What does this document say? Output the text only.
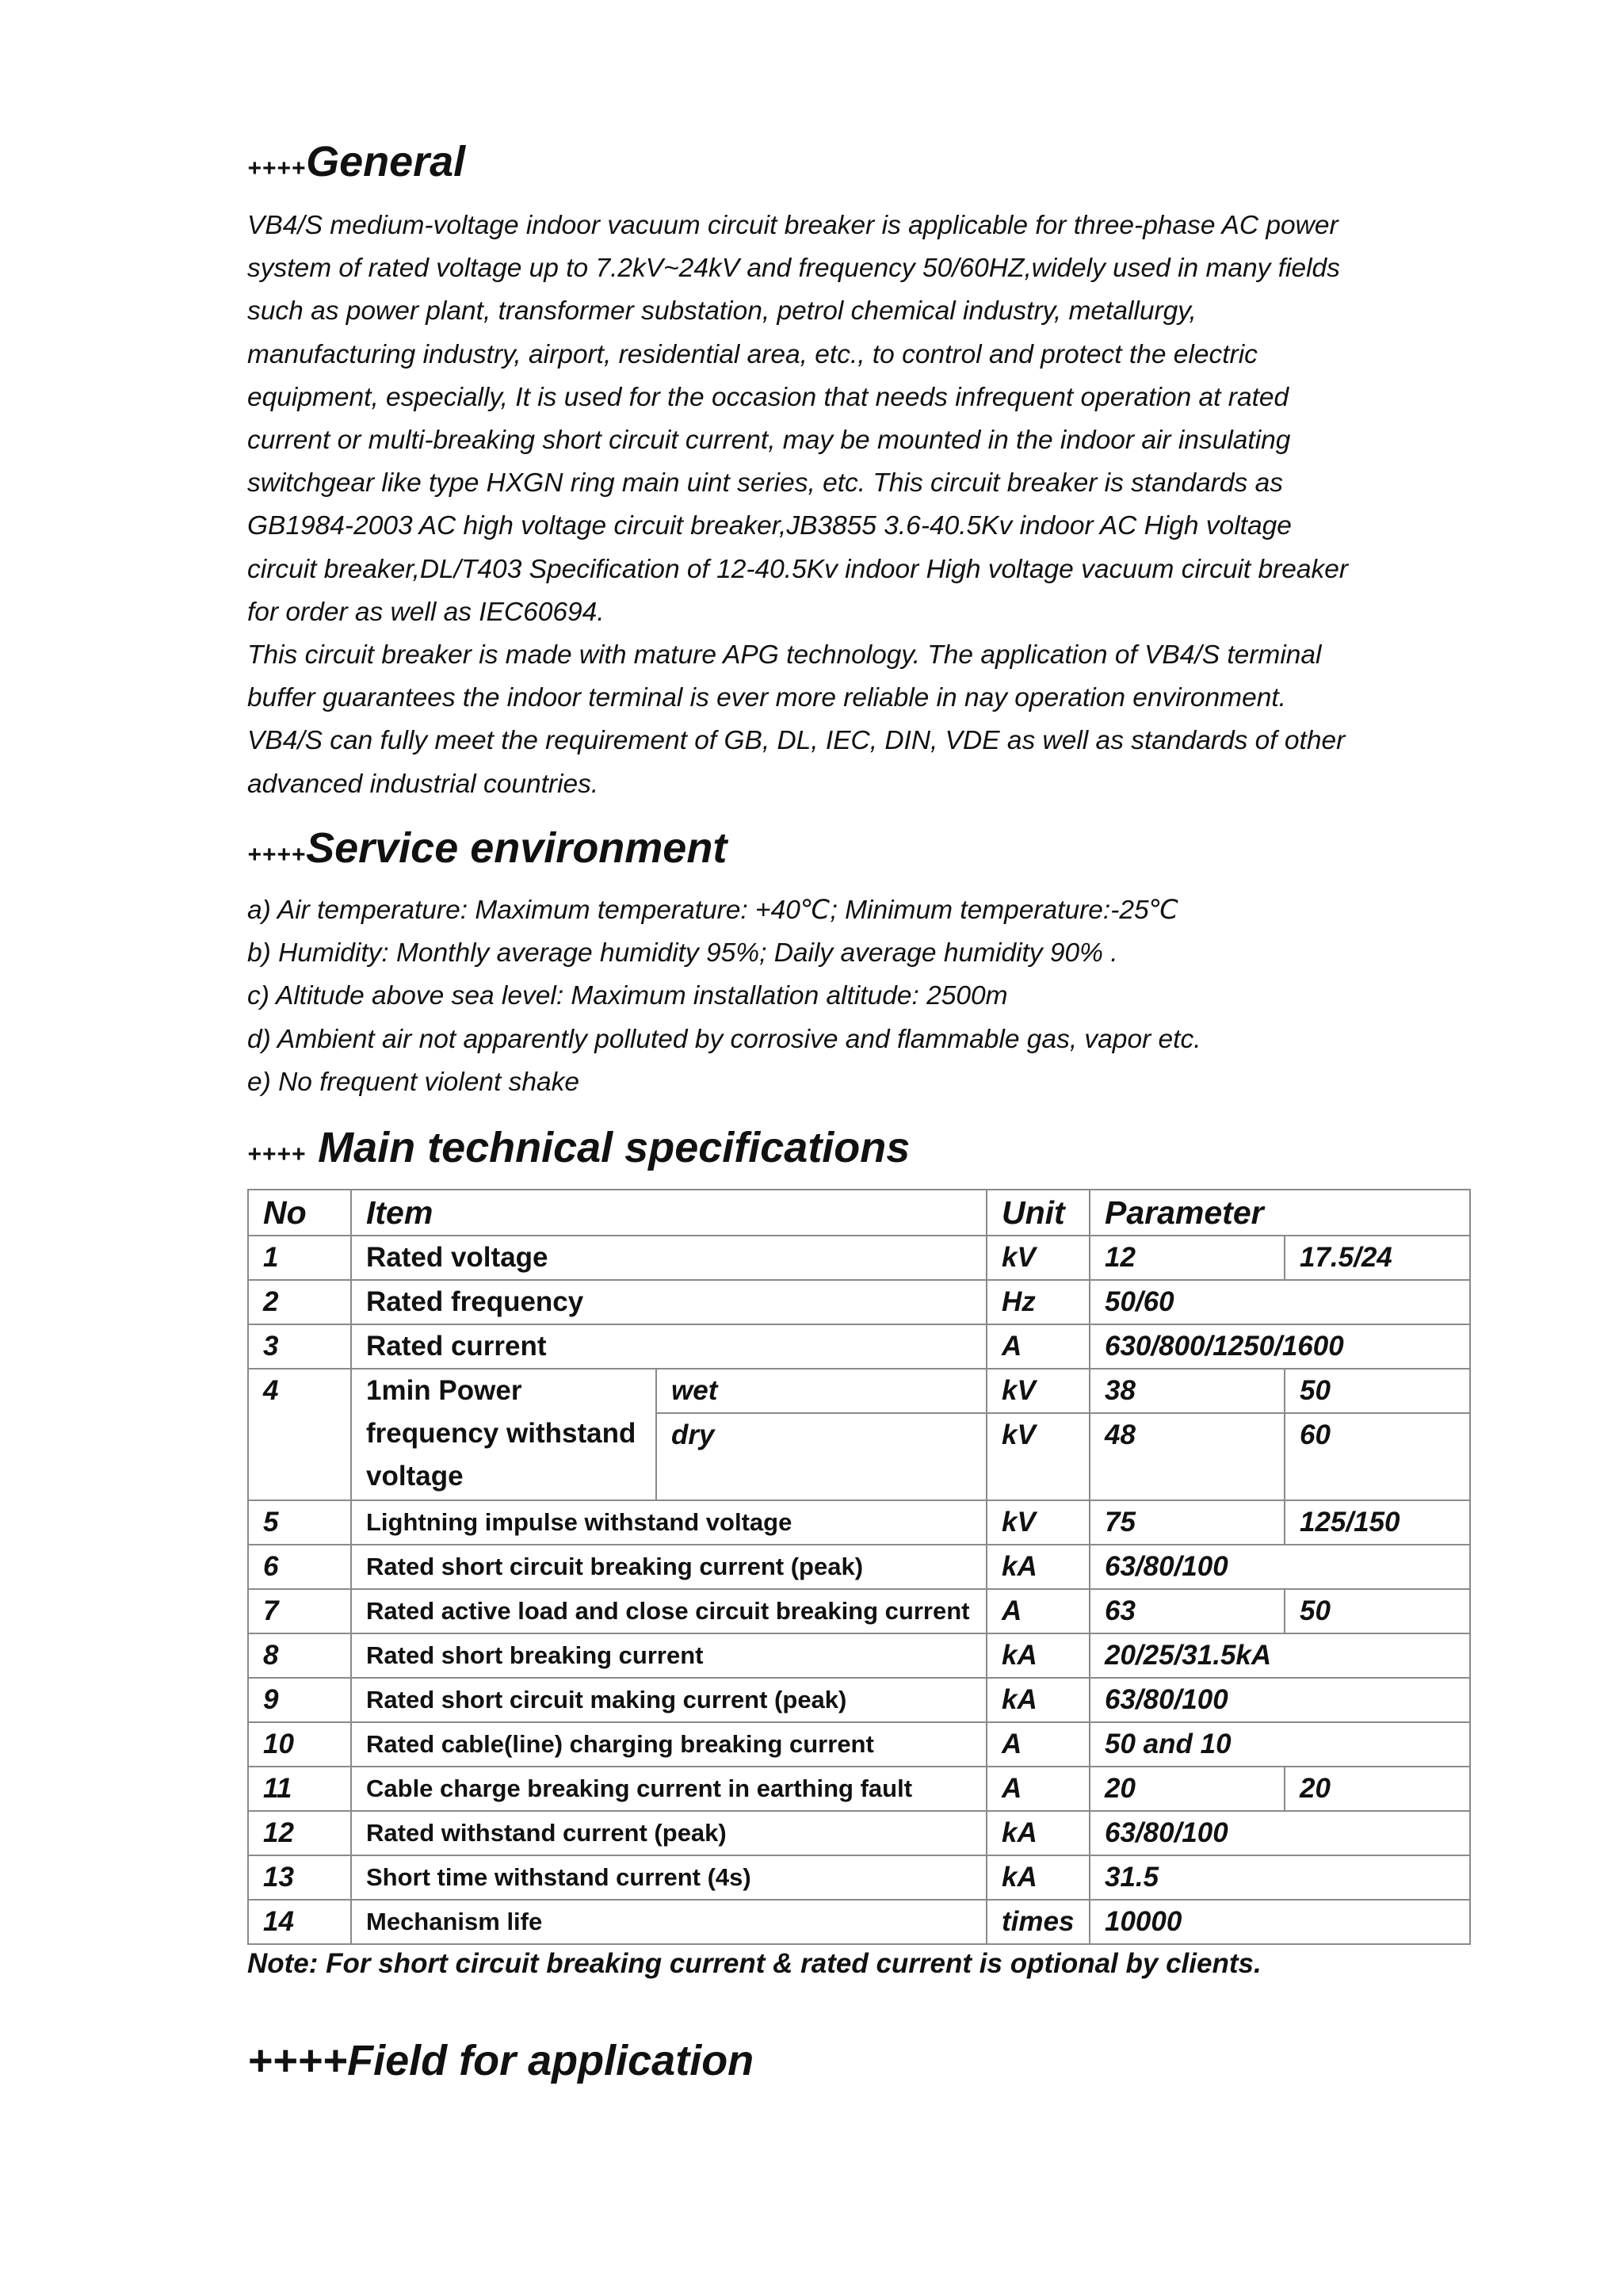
++++General

VB4/S medium-voltage indoor vacuum circuit breaker is applicable for three-phase AC power

system of rated voltage up to 7.2kV~24kV and frequency 50/60HZ,widely used in many fields

such as power plant, transformer substation, petrol chemical industry, metallurgy,

manufacturing industry, airport, residential area, etc., to control and protect the electric

equipment, especially, It is used for the occasion that needs infrequent operation at rated

current or multi-breaking short circuit current, may be mounted in the indoor air insulating

switchgear like type HXGN ring main uint series, etc. This circuit breaker is standards as

GB1984-2003 AC high voltage circuit breaker,JB3855 3.6-40.5Kv indoor AC High voltage

circuit breaker,DL/T403 Specification of 12-40.5Kv indoor High voltage vacuum circuit breaker

for order as well as IEC60694.

This circuit breaker is made with mature APG technology. The application of VB4/S terminal

buffer guarantees the indoor terminal is ever more reliable in nay operation environment.

VB4/S can fully meet the requirement of GB, DL, IEC, DIN, VDE as well as standards of other

advanced industrial countries.

++++Service environment

a) Air temperature: Maximum temperature: +40℃; Minimum temperature:-25℃

b) Humidity: Monthly average humidity 95%; Daily average humidity 90% .

c) Altitude above sea level: Maximum installation altitude: 2500m

d) Ambient air not apparently polluted by corrosive and flammable gas, vapor etc.

e) No frequent violent shake

++++ Main technical specifications
No	Item		Unit	Parameter	
1	Rated voltage		kV	12	17.5/24
2	Rated frequency		Hz	50/60	
3	Rated current		A	630/800/1250/1600	
4	1min Power frequency withstand voltage	wet	kV	38	50
		dry	kV	48	60
5	Lightning impulse withstand voltage		kV	75	125/150
6	Rated short circuit breaking current (peak)		kA	63/80/100	
7	Rated active load and close circuit breaking current		A	63	50
8	Rated short breaking current		kA	20/25/31.5kA	
9	Rated short circuit making current (peak)		kA	63/80/100	
10	Rated cable(line) charging breaking current		A	50 and 10	
11	Cable charge breaking current in earthing fault		A	20	20
12	Rated withstand current (peak)		kA	63/80/100	
13	Short time withstand current (4s)		kA	31.5	
14	Mechanism life		times	10000	
Note: For short circuit breaking current & rated current is optional by clients.
++++Field for application
